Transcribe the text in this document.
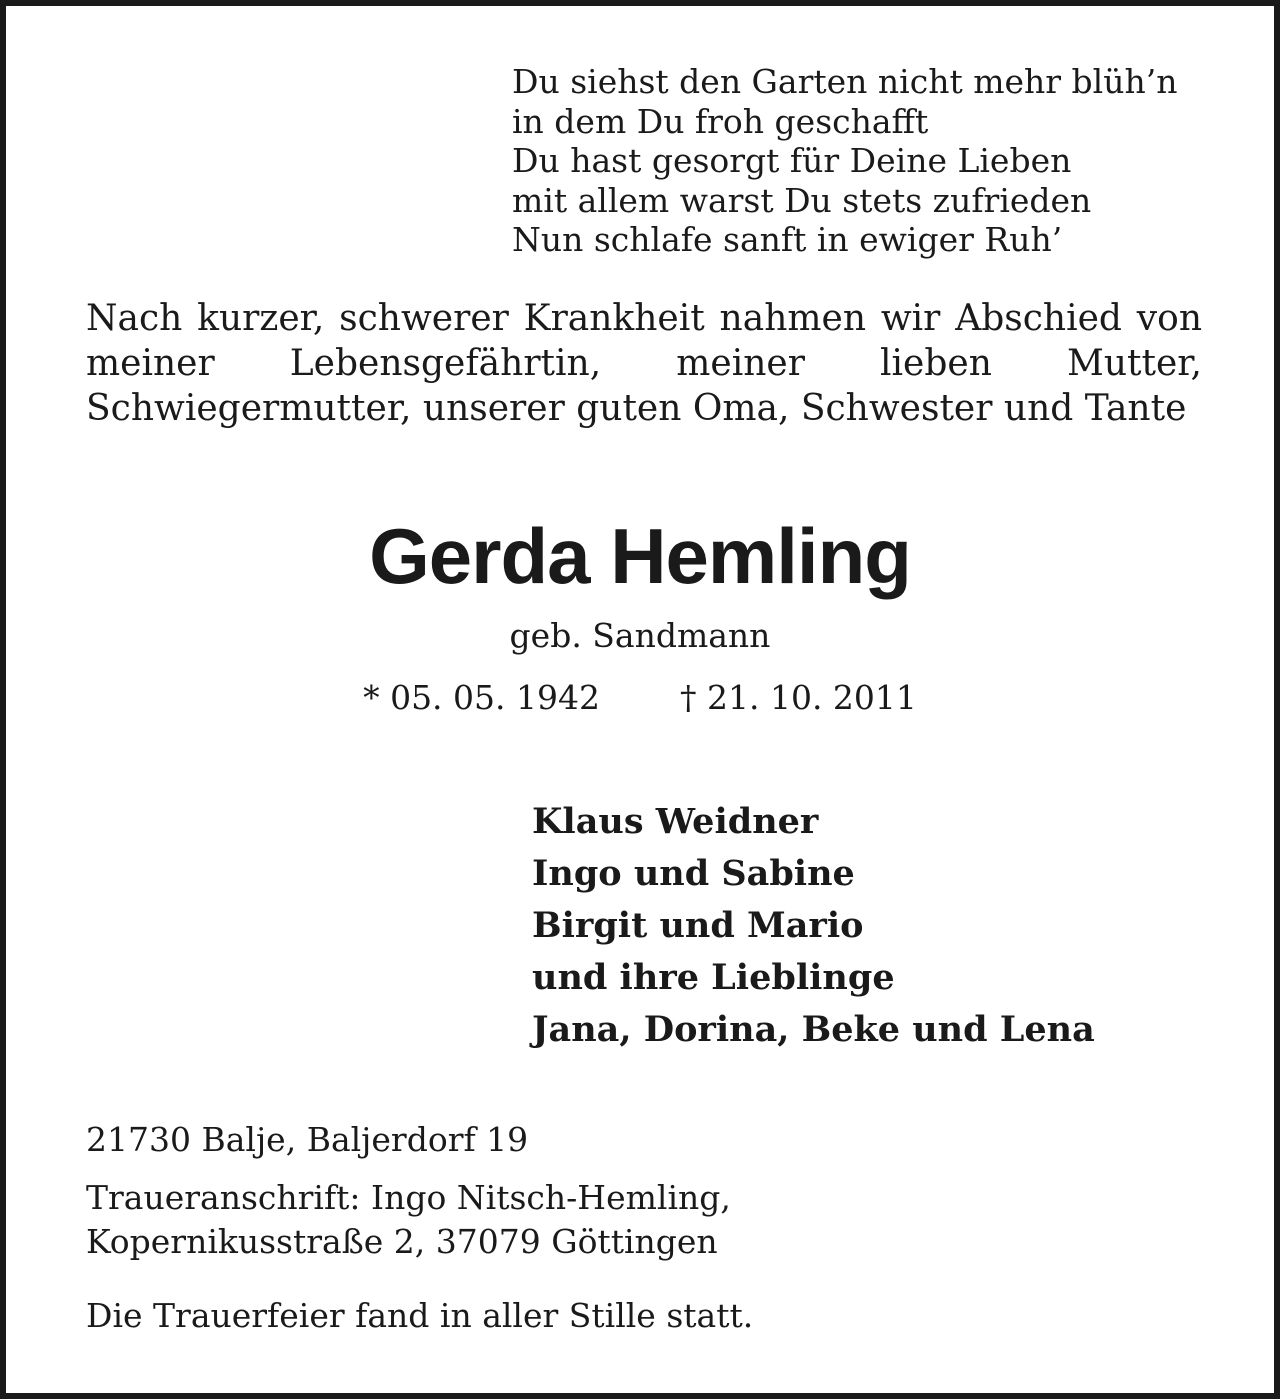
Du siehst den Garten nicht mehr blüh’n
in dem Du froh geschafft
Du hast gesorgt für Deine Lieben
mit allem warst Du stets zufrieden
Nun schlafe sanft in ewiger Ruh’
Nach kurzer, schwerer Krankheit nahmen wir Abschied von meiner Lebensgefährtin, meiner lieben Mutter, Schwiegermutter, unserer guten Oma, Schwester und Tante
Gerda Hemling
geb. Sandmann
* 05. 05. 1942 † 21. 10. 2011
Klaus Weidner
Ingo und Sabine
Birgit und Mario
und ihre Lieblinge
Jana, Dorina, Beke und Lena
21730 Balje, Baljerdorf 19
Traueranschrift: Ingo Nitsch-Hemling,
Kopernikusstraße 2, 37079 Göttingen
Die Trauerfeier fand in aller Stille statt.
